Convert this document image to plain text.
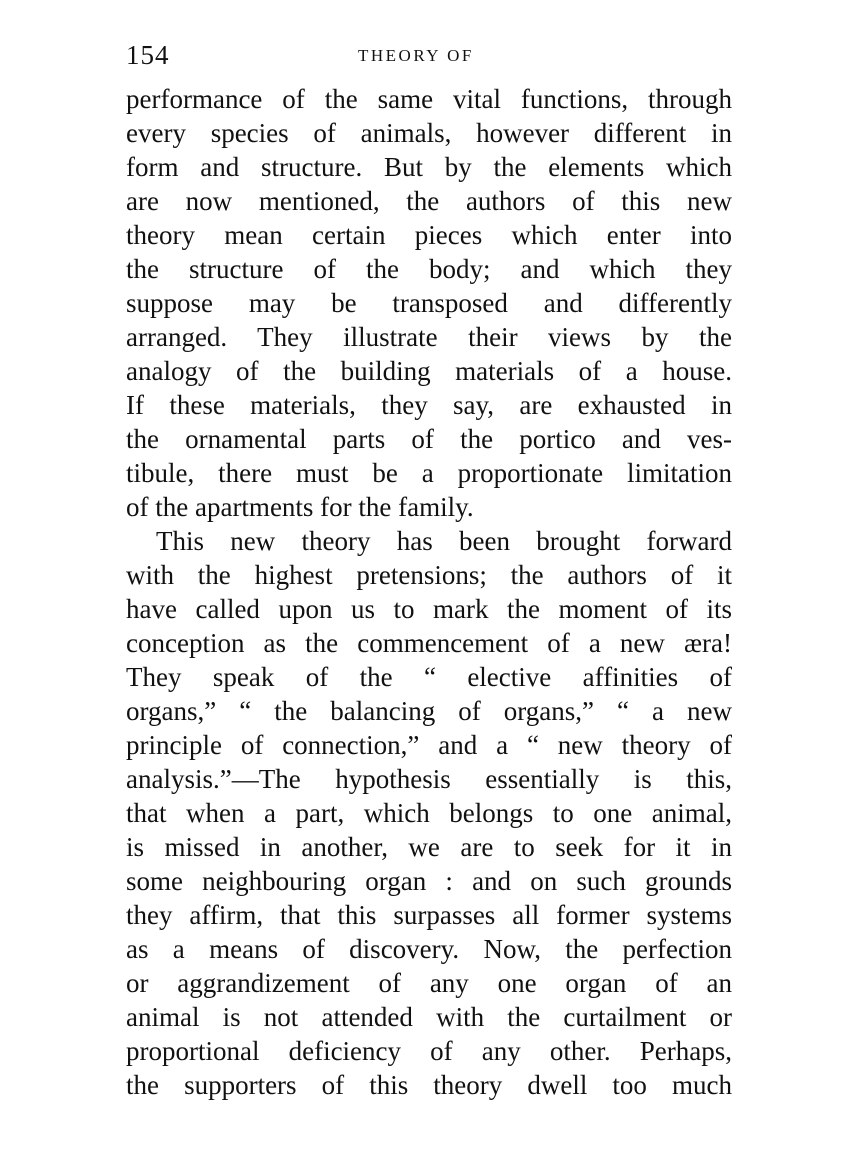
154	THEORY OF
performance of the same vital functions, through
every species of animals, however different in
form and structure. But by the elements which
are now mentioned, the authors of this new
theory mean certain pieces which enter into
the structure of the body; and which they
suppose may be transposed and differently
arranged. They illustrate their views by the
analogy of the building materials of a house.
If these materials, they say, are exhausted in
the ornamental parts of the portico and ves-
tibule, there must be a proportionate limitation
of the apartments for the family.
This new theory has been brought forward
with the highest pretensions; the authors of it
have called upon us to mark the moment of its
conception as the commencement of a new æra!
They speak of the “ elective affinities of
organs,” “ the balancing of organs,” “ a new
principle of connection,” and a “ new theory of
analysis.”—The hypothesis essentially is this,
that when a part, which belongs to one animal,
is missed in another, we are to seek for it in
some neighbouring organ : and on such grounds
they affirm, that this surpasses all former systems
as a means of discovery. Now, the perfection
or aggrandizement of any one organ of an
animal is not attended with the curtailment or
proportional deficiency of any other. Perhaps,
the supporters of this theory dwell too much
